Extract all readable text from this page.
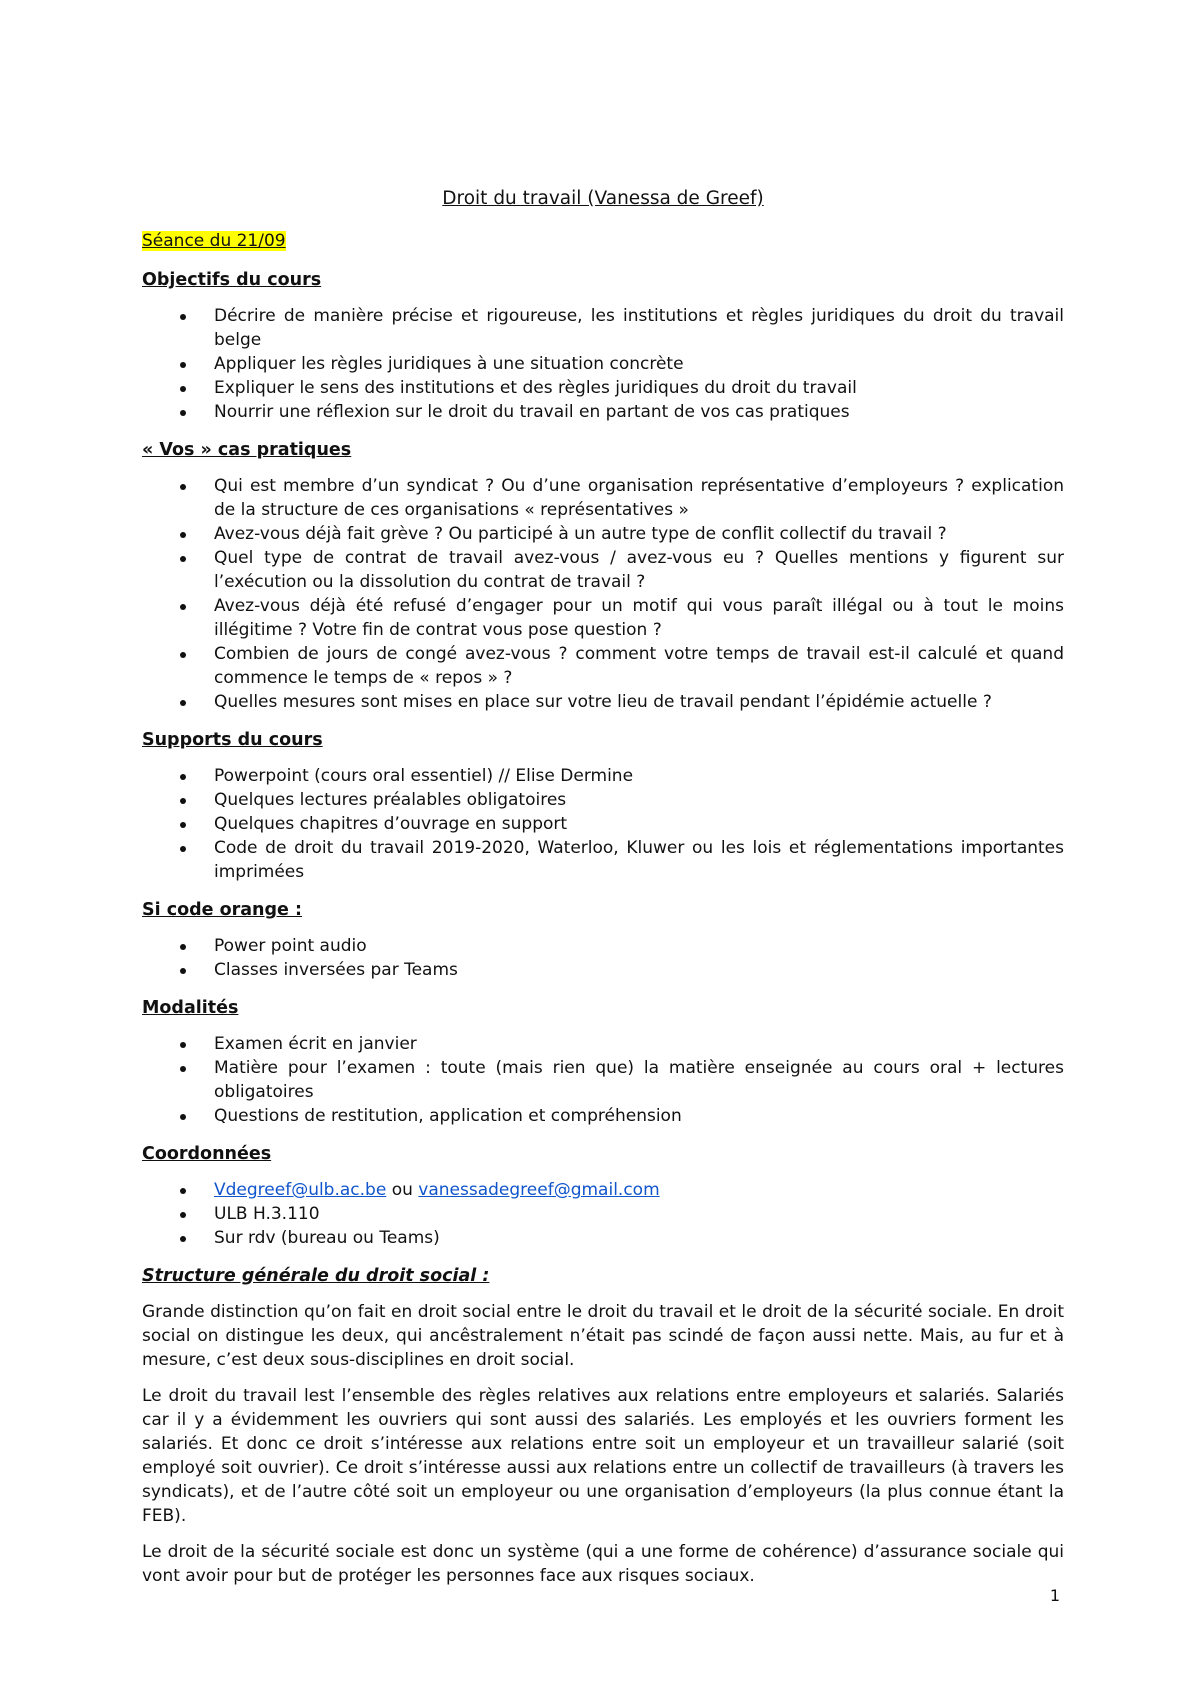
Droit du travail (Vanessa de Greef)
Séance du 21/09
Objectifs du cours
Décrire de manière précise et rigoureuse, les institutions et règles juridiques du droit du travail belge
Appliquer les règles juridiques à une situation concrète
Expliquer le sens des institutions et des règles juridiques du droit du travail
Nourrir une réflexion sur le droit du travail en partant de vos cas pratiques
« Vos » cas pratiques
Qui est membre d’un syndicat ? Ou d’une organisation représentative d’employeurs ? explication de la structure de ces organisations « représentatives »
Avez-vous déjà fait grève ? Ou participé à un autre type de conflit collectif du travail ?
Quel type de contrat de travail avez-vous / avez-vous eu ? Quelles mentions y figurent sur l’exécution ou la dissolution du contrat de travail ?
Avez-vous déjà été refusé d’engager pour un motif qui vous paraît illégal ou à tout le moins illégitime ? Votre fin de contrat vous pose question ?
Combien de jours de congé avez-vous ? comment votre temps de travail est-il calculé et quand commence le temps de « repos » ?
Quelles mesures sont mises en place sur votre lieu de travail pendant l’épidémie actuelle ?
Supports du cours
Powerpoint (cours oral essentiel) // Elise Dermine
Quelques lectures préalables obligatoires
Quelques chapitres d’ouvrage en support
Code de droit du travail 2019-2020, Waterloo, Kluwer ou les lois et réglementations importantes imprimées
Si code orange :
Power point audio
Classes inversées par Teams
Modalités
Examen écrit en janvier
Matière pour l’examen : toute (mais rien que) la matière enseignée au cours oral + lectures obligatoires
Questions de restitution, application et compréhension
Coordonnées
Vdegreef@ulb.ac.be ou vanessadegreef@gmail.com
ULB H.3.110
Sur rdv (bureau ou Teams)
Structure générale du droit social :

Grande distinction qu’on fait en droit social entre le droit du travail et le droit de la sécurité sociale. En droit social on distingue les deux, qui ancêstralement n’était pas scindé de façon aussi nette. Mais, au fur et à mesure, c’est deux sous-disciplines en droit social.

Le droit du travail lest l’ensemble des règles relatives aux relations entre employeurs et salariés. Salariés car il y a évidemment les ouvriers qui sont aussi des salariés. Les employés et les ouvriers forment les salariés. Et donc ce droit s’intéresse aux relations entre soit un employeur et un travailleur salarié (soit employé soit ouvrier). Ce droit s’intéresse aussi aux relations entre un collectif de travailleurs (à travers les syndicats), et de l’autre côté soit un employeur ou une organisation d’employeurs (la plus connue étant la FEB).

Le droit de la sécurité sociale est donc un système (qui a une forme de cohérence) d’assurance sociale qui vont avoir pour but de protéger les personnes face aux risques sociaux.

1
